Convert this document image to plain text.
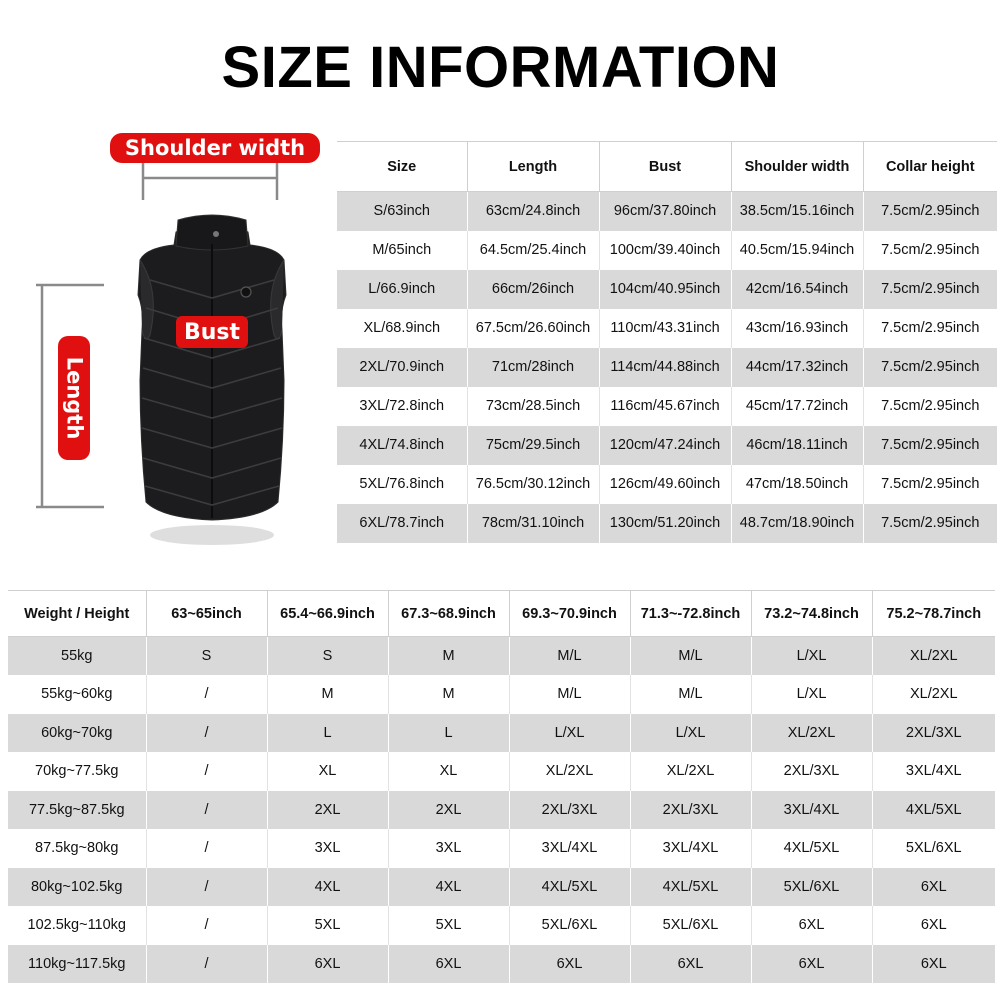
SIZE INFORMATION
Shoulder width
Bust
Length
Size	Length	Bust	Shoulder width	Collar height
S/63inch	63cm/24.8inch	96cm/37.80inch	38.5cm/15.16inch	7.5cm/2.95inch
M/65inch	64.5cm/25.4inch	100cm/39.40inch	40.5cm/15.94inch	7.5cm/2.95inch
L/66.9inch	66cm/26inch	104cm/40.95inch	42cm/16.54inch	7.5cm/2.95inch
XL/68.9inch	67.5cm/26.60inch	110cm/43.31inch	43cm/16.93inch	7.5cm/2.95inch
2XL/70.9inch	71cm/28inch	114cm/44.88inch	44cm/17.32inch	7.5cm/2.95inch
3XL/72.8inch	73cm/28.5inch	116cm/45.67inch	45cm/17.72inch	7.5cm/2.95inch
4XL/74.8inch	75cm/29.5inch	120cm/47.24inch	46cm/18.11inch	7.5cm/2.95inch
5XL/76.8inch	76.5cm/30.12inch	126cm/49.60inch	47cm/18.50inch	7.5cm/2.95inch
6XL/78.7inch	78cm/31.10inch	130cm/51.20inch	48.7cm/18.90inch	7.5cm/2.95inch
Weight / Height	63~65inch	65.4~66.9inch	67.3~68.9inch	69.3~70.9inch	71.3~-72.8inch	73.2~74.8inch	75.2~78.7inch
55kg	S	S	M	M/L	M/L	L/XL	XL/2XL
55kg~60kg	/	M	M	M/L	M/L	L/XL	XL/2XL
60kg~70kg	/	L	L	L/XL	L/XL	XL/2XL	2XL/3XL
70kg~77.5kg	/	XL	XL	XL/2XL	XL/2XL	2XL/3XL	3XL/4XL
77.5kg~87.5kg	/	2XL	2XL	2XL/3XL	2XL/3XL	3XL/4XL	4XL/5XL
87.5kg~80kg	/	3XL	3XL	3XL/4XL	3XL/4XL	4XL/5XL	5XL/6XL
80kg~102.5kg	/	4XL	4XL	4XL/5XL	4XL/5XL	5XL/6XL	6XL
102.5kg~110kg	/	5XL	5XL	5XL/6XL	5XL/6XL	6XL	6XL
110kg~117.5kg	/	6XL	6XL	6XL	6XL	6XL	6XL
